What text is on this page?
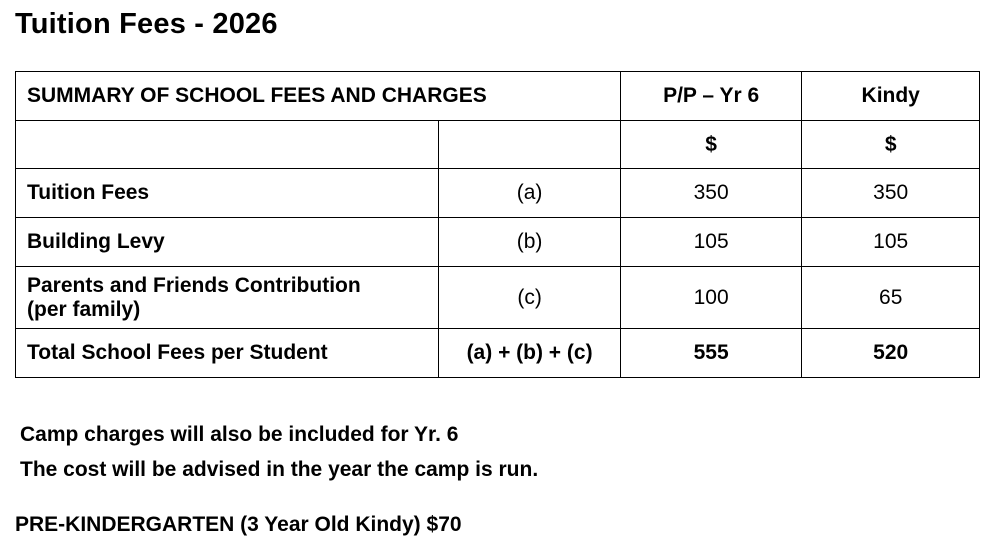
Tuition Fees - 2026
SUMMARY OF SCHOOL FEES AND CHARGES		P/P – Yr 6	Kindy
		$	$
Tuition Fees	(a)	350	350
Building Levy	(b)	105	105

Parents and Friends Contribution
(per family)	(c)	100	65
Total School Fees per Student	(a) + (b) + (c)	555	520
Camp charges will also be included for Yr. 6
The cost will be advised in the year the camp is run.
PRE-KINDERGARTEN (3 Year Old Kindy) $70
